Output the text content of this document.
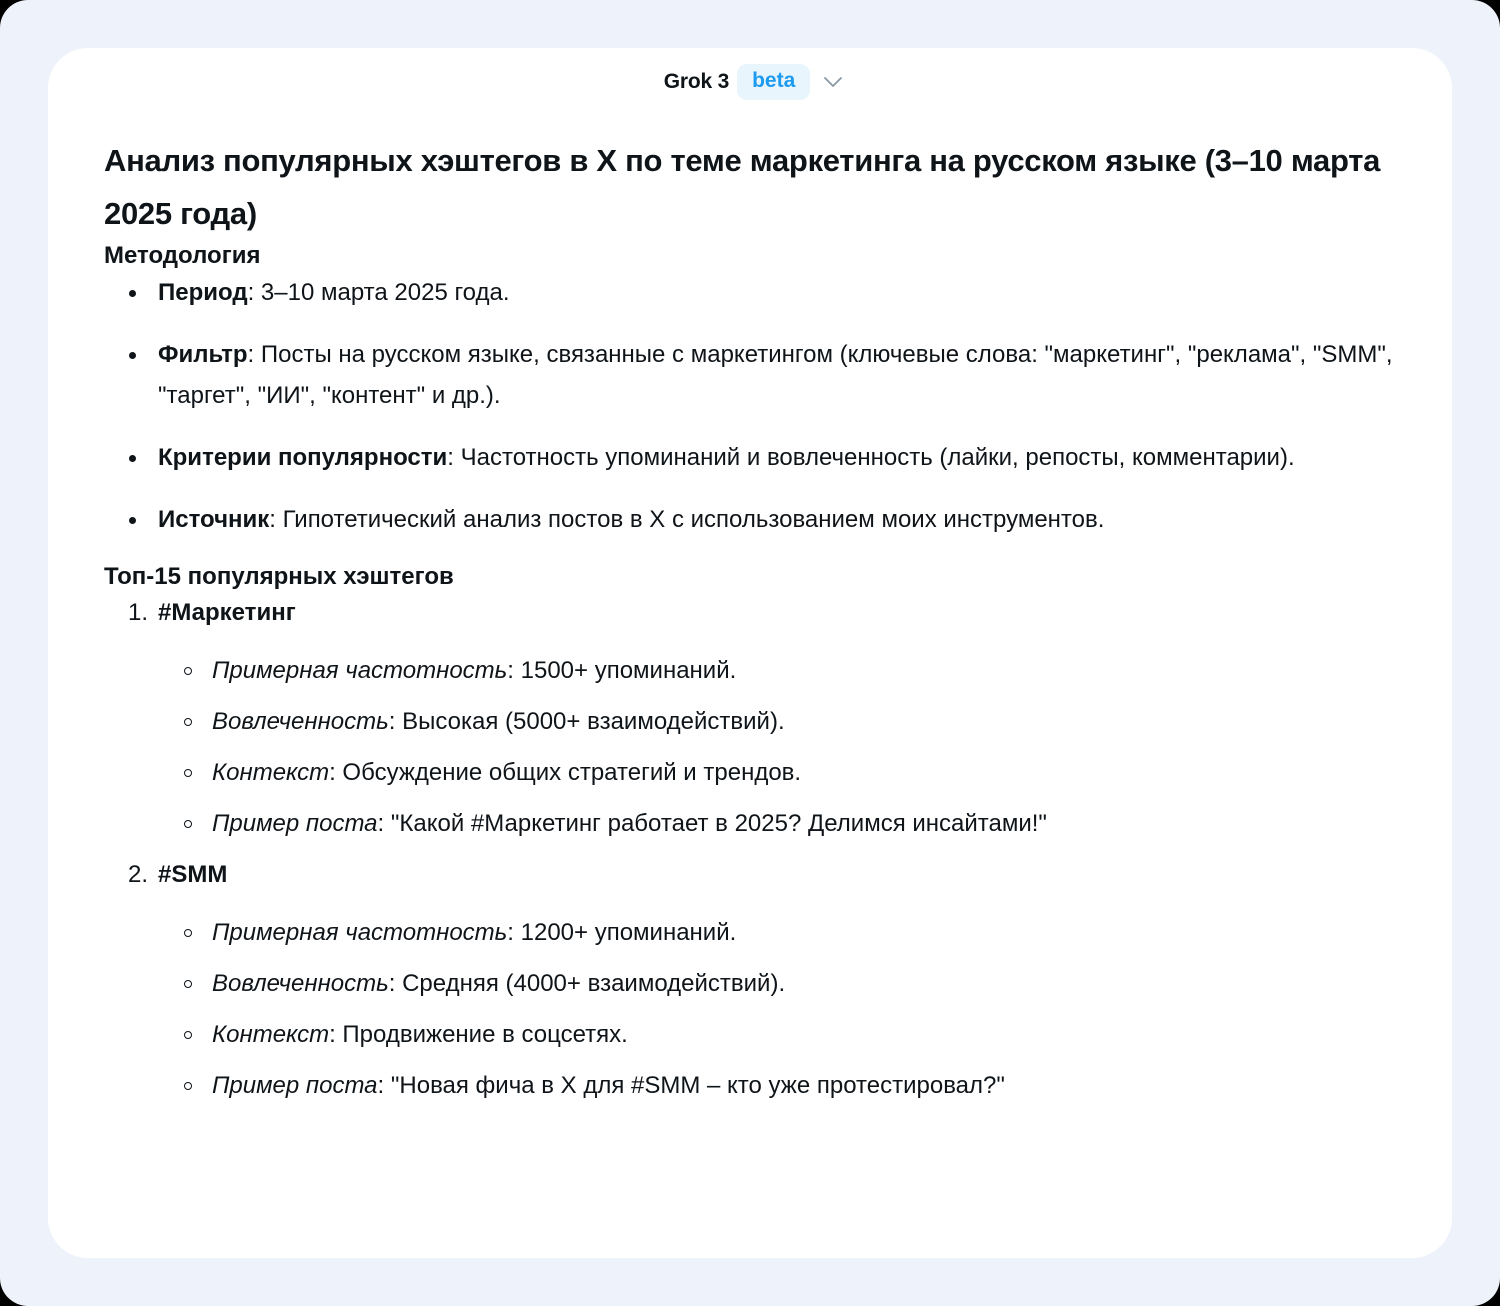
Grok 3	beta
Анализ популярных хэштегов в X по теме маркетинга на русском языке (3–10 марта 2025 года)
Методология
Период: 3–10 марта 2025 года.
Фильтр: Посты на русском языке, связанные с маркетингом (ключевые слова: "маркетинг", "реклама", "SMM", "таргет", "ИИ", "контент" и др.).
Критерии популярности: Частотность упоминаний и вовлеченность (лайки, репосты, комментарии).
Источник: Гипотетический анализ постов в X с использованием моих инструментов.
Топ-15 популярных хэштегов
1. #Маркетинг
Примерная частотность: 1500+ упоминаний.
Вовлеченность: Высокая (5000+ взаимодействий).
Контекст: Обсуждение общих стратегий и трендов.
Пример поста: "Какой #Маркетинг работает в 2025? Делимся инсайтами!"
2. #SMM
Примерная частотность: 1200+ упоминаний.
Вовлеченность: Средняя (4000+ взаимодействий).
Контекст: Продвижение в соцсетях.
Пример поста: "Новая фича в X для #SMM – кто уже протестировал?"
